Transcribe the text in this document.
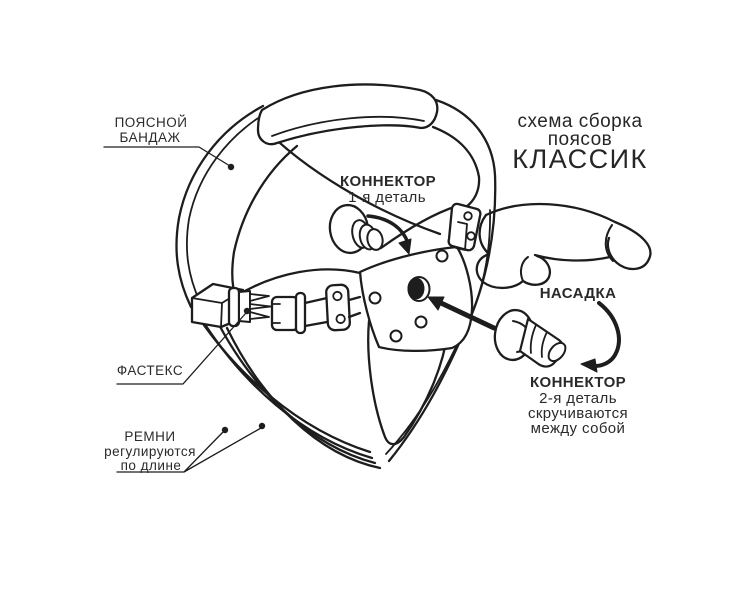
ПОЯСНОЙ
БАНДАЖ
КОННЕКТОР
1-я деталь
схема сборка
поясов
КЛАССИК
НАСАДКА
КОННЕКТОР
2-я деталь
скручиваются
между собой
ФАСТЕКС
РЕМНИ
регулируются
по длине
